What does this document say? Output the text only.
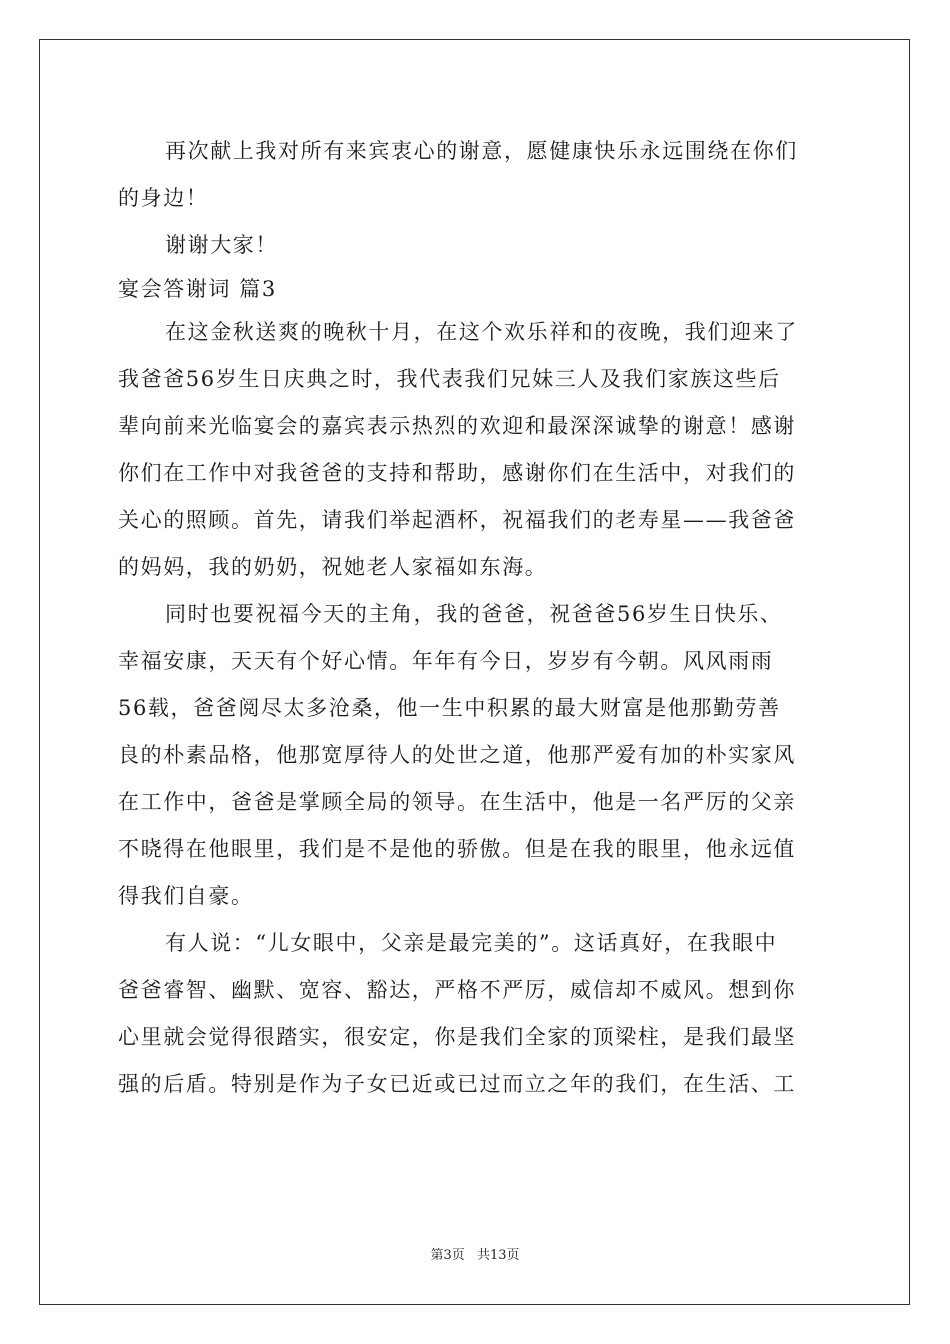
再次献上我对所有来宾衷心的谢意，愿健康快乐永远围绕在你们
的身边！
谢谢大家！
宴会答谢词 篇3
在这金秋送爽的晚秋十月，在这个欢乐祥和的夜晚，我们迎来了
我爸爸56岁生日庆典之时，我代表我们兄妹三人及我们家族这些后
辈向前来光临宴会的嘉宾表示热烈的欢迎和最深深诚挚的谢意！感谢
你们在工作中对我爸爸的支持和帮助，感谢你们在生活中，对我们的
关心的照顾。首先，请我们举起酒杯，祝福我们的老寿星——我爸爸
的妈妈，我的奶奶，祝她老人家福如东海。
同时也要祝福今天的主角，我的爸爸，祝爸爸56岁生日快乐、
幸福安康，天天有个好心情。年年有今日，岁岁有今朝。风风雨雨
56载，爸爸阅尽太多沧桑，他一生中积累的最大财富是他那勤劳善
良的朴素品格，他那宽厚待人的处世之道，他那严爱有加的朴实家风
在工作中，爸爸是掌顾全局的领导。在生活中，他是一名严厉的父亲
不晓得在他眼里，我们是不是他的骄傲。但是在我的眼里，他永远值
得我们自豪。
有人说：“儿女眼中，父亲是最完美的”。这话真好，在我眼中
爸爸睿智、幽默、宽容、豁达，严格不严厉，威信却不威风。想到你
心里就会觉得很踏实，很安定，你是我们全家的顶梁柱，是我们最坚
强的后盾。特别是作为子女已近或已过而立之年的我们，在生活、工
第3页 共13页
